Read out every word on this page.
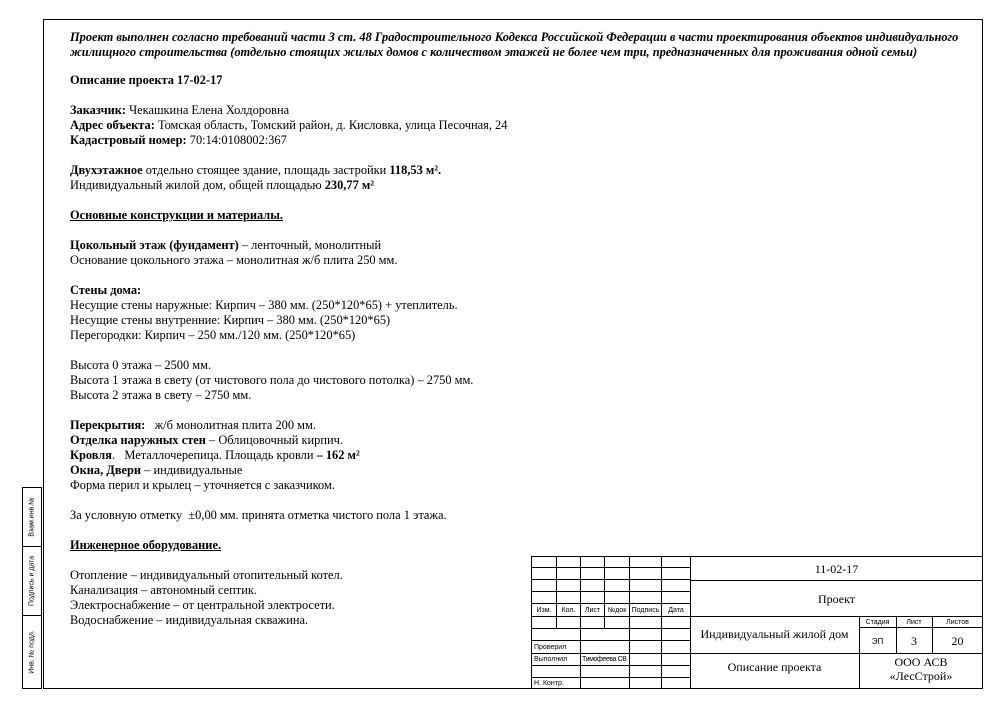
Взам.инв.№
Подпись и дата
Инв. № подл.
Проект выполнен согласно требований части 3 ст. 48 Градостроительного Кодекса Российской Федерации в части проектирования объектов индивидуального жилищного строительства (отдельно стоящих жилых домов с количеством этажей не более чем три, предназначенных для проживания одной семьи)
Описание проекта 17-02-17
Заказчик: Чекашкина Елена Холдоровна
Адрес объекта: Томская область, Томский район, д. Кисловка, улица Песочная, 24
Кадастровый номер: 70:14:0108002:367
Двухэтажное отдельно стоящее здание, площадь застройки 118,53 м².
Индивидуальный жилой дом, общей площадью 230,77 м²
Основные конструкции и материалы.
Цокольный этаж (фундамент) – ленточный, монолитный
Основание цокольного этажа – монолитная ж/б плита 250 мм.
Стены дома:
Несущие стены наружные: Кирпич – 380 мм. (250*120*65) + утеплитель.
Несущие стены внутренние: Кирпич – 380 мм. (250*120*65)
Перегородки: Кирпич – 250 мм./120 мм. (250*120*65)
Высота 0 этажа – 2500 мм.
Высота 1 этажа в свету (от чистового пола до чистового потолка) – 2750 мм.
Высота 2 этажа в свету – 2750 мм.
Перекрытия:   ж/б монолитная плита 200 мм.
Отделка наружных стен – Облицовочный кирпич.
Кровля.   Металлочерепица. Площадь кровли – 162 м²
Окна, Двери – индивидуальные
Форма перил и крылец – уточняется с заказчиком.
За условную отметку  ±0,00 мм. принята отметка чистого пола 1 этажа.
Инженерное оборудование.
Отопление – индивидуальный отопительный котел.
Канализация – автономный септик.
Электроснабжение – от центральной электросети.
Водоснабжение – индивидуальная скважина.
11-02-17
Проект
Индивидуальный жилой дом
Описание проекта	ООО АСВ
«ЛесСтрой»
Стадия	Лист	Листов
ЭП	3	20
Изм.	Кол.	Лист	№док Подпись	Дата
Проверил
Выполнил Тимофеева СВ
Н. Контр.
